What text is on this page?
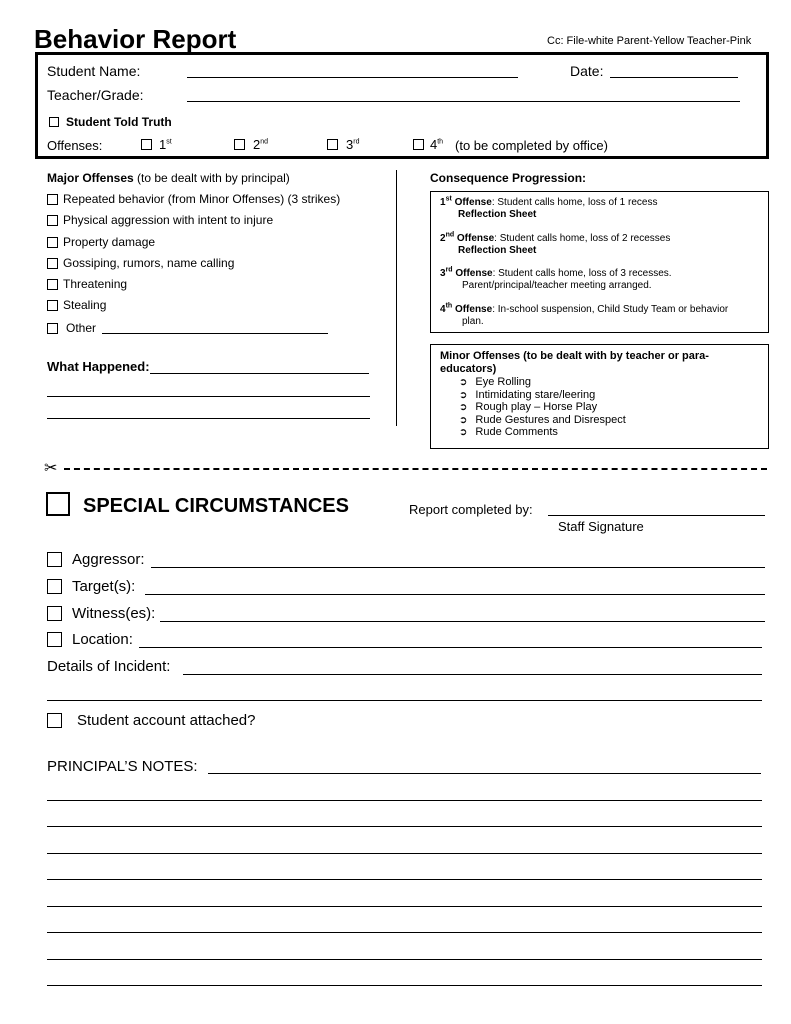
Behavior Report	Cc: File-white Parent-Yellow Teacher-Pink
Student Name:	Date:
Teacher/Grade:
Student Told Truth
Offenses:	1st	2nd	3rd	4th (to be completed by office)
Major Offenses (to be dealt with by principal)
Repeated behavior (from Minor Offenses) (3 strikes)
Physical aggression with intent to injure
Property damage
Gossiping, rumors, name calling
Threatening
Stealing
Other
What Happened:
Consequence Progression:
1st Offense: Student calls home, loss of 1 recess
Reflection Sheet
2nd Offense: Student calls home, loss of 2 recesses
Reflection Sheet
3rd Offense: Student calls home, loss of 3 recesses.
Parent/principal/teacher meeting arranged.
4th Offense: In-school suspension, Child Study Team or behavior
plan.
Minor Offenses (to be dealt with by teacher or para-
educators)
➲ Eye Rolling
➲ Intimidating stare/leering
➲ Rough play – Horse Play
➲ Rude Gestures and Disrespect
➲ Rude Comments
✂
SPECIAL CIRCUMSTANCES	Report completed by:
Staff Signature
Aggressor:
Target(s):
Witness(es):
Location:
Details of Incident:
Student account attached?
PRINCIPAL’S NOTES:
